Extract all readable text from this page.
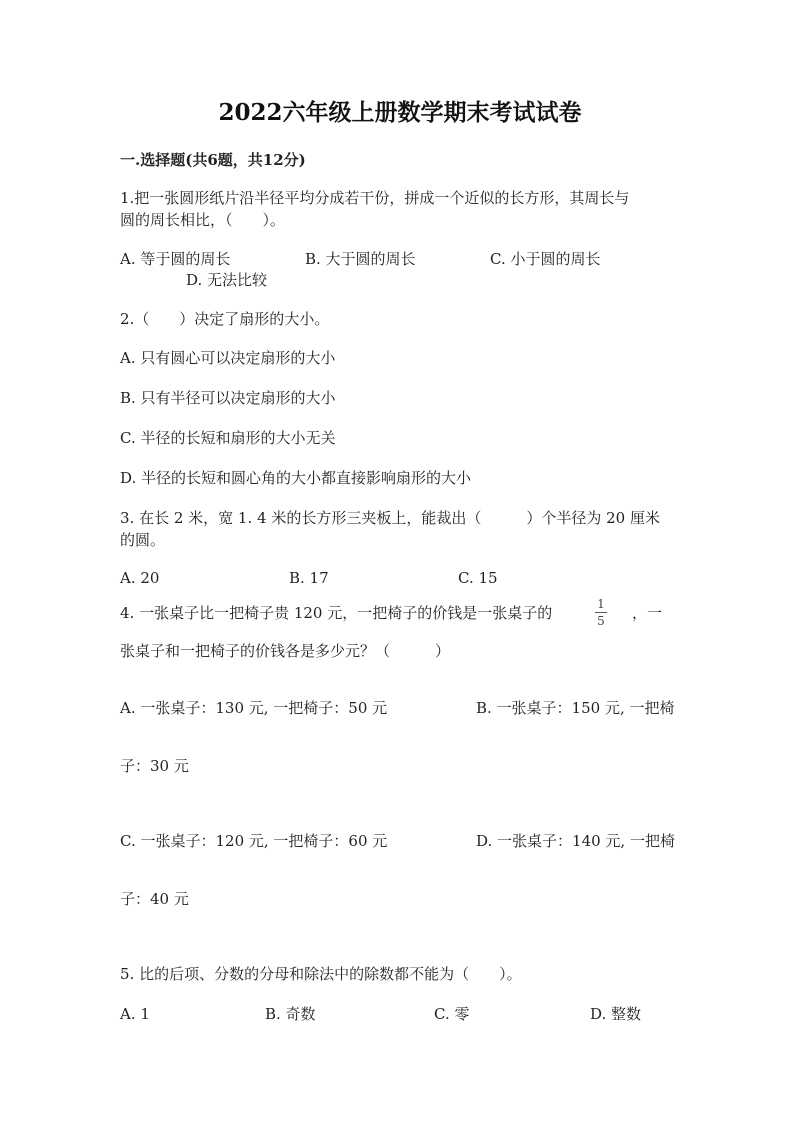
2022六年级上册数学期末考试试卷
一.选择题(共6题，共12分)
1.把一张圆形纸片沿半径平均分成若干份，拼成一个近似的长方形，其周长与
圆的周长相比，（　　）。
A. 等于圆的周长	B. 大于圆的周长	C. 小于圆的周长
D. 无法比较
2.（　　）决定了扇形的大小。
A. 只有圆心可以决定扇形的大小
B. 只有半径可以决定扇形的大小
C. 半径的长短和扇形的大小无关
D. 半径的长短和圆心角的大小都直接影响扇形的大小
3. 在长 2 米，宽 1. 4 米的长方形三夹板上，能裁出（　　　）个半径为 20 厘米
的圆。
A. 20	B. 17	C. 15
4. 一张桌子比一把椅子贵 120 元，一把椅子的价钱是一张桌子的	1
5 ，一
张桌子和一把椅子的价钱各是多少元？（　　　）
A. 一张桌子：130 元, 一把椅子：50 元	B. 一张桌子：150 元, 一把椅
子：30 元
C. 一张桌子：120 元, 一把椅子：60 元	D. 一张桌子：140 元, 一把椅
子：40 元
5. 比的后项、分数的分母和除法中的除数都不能为（　　）。
A. 1	B. 奇数	C. 零	D. 整数
